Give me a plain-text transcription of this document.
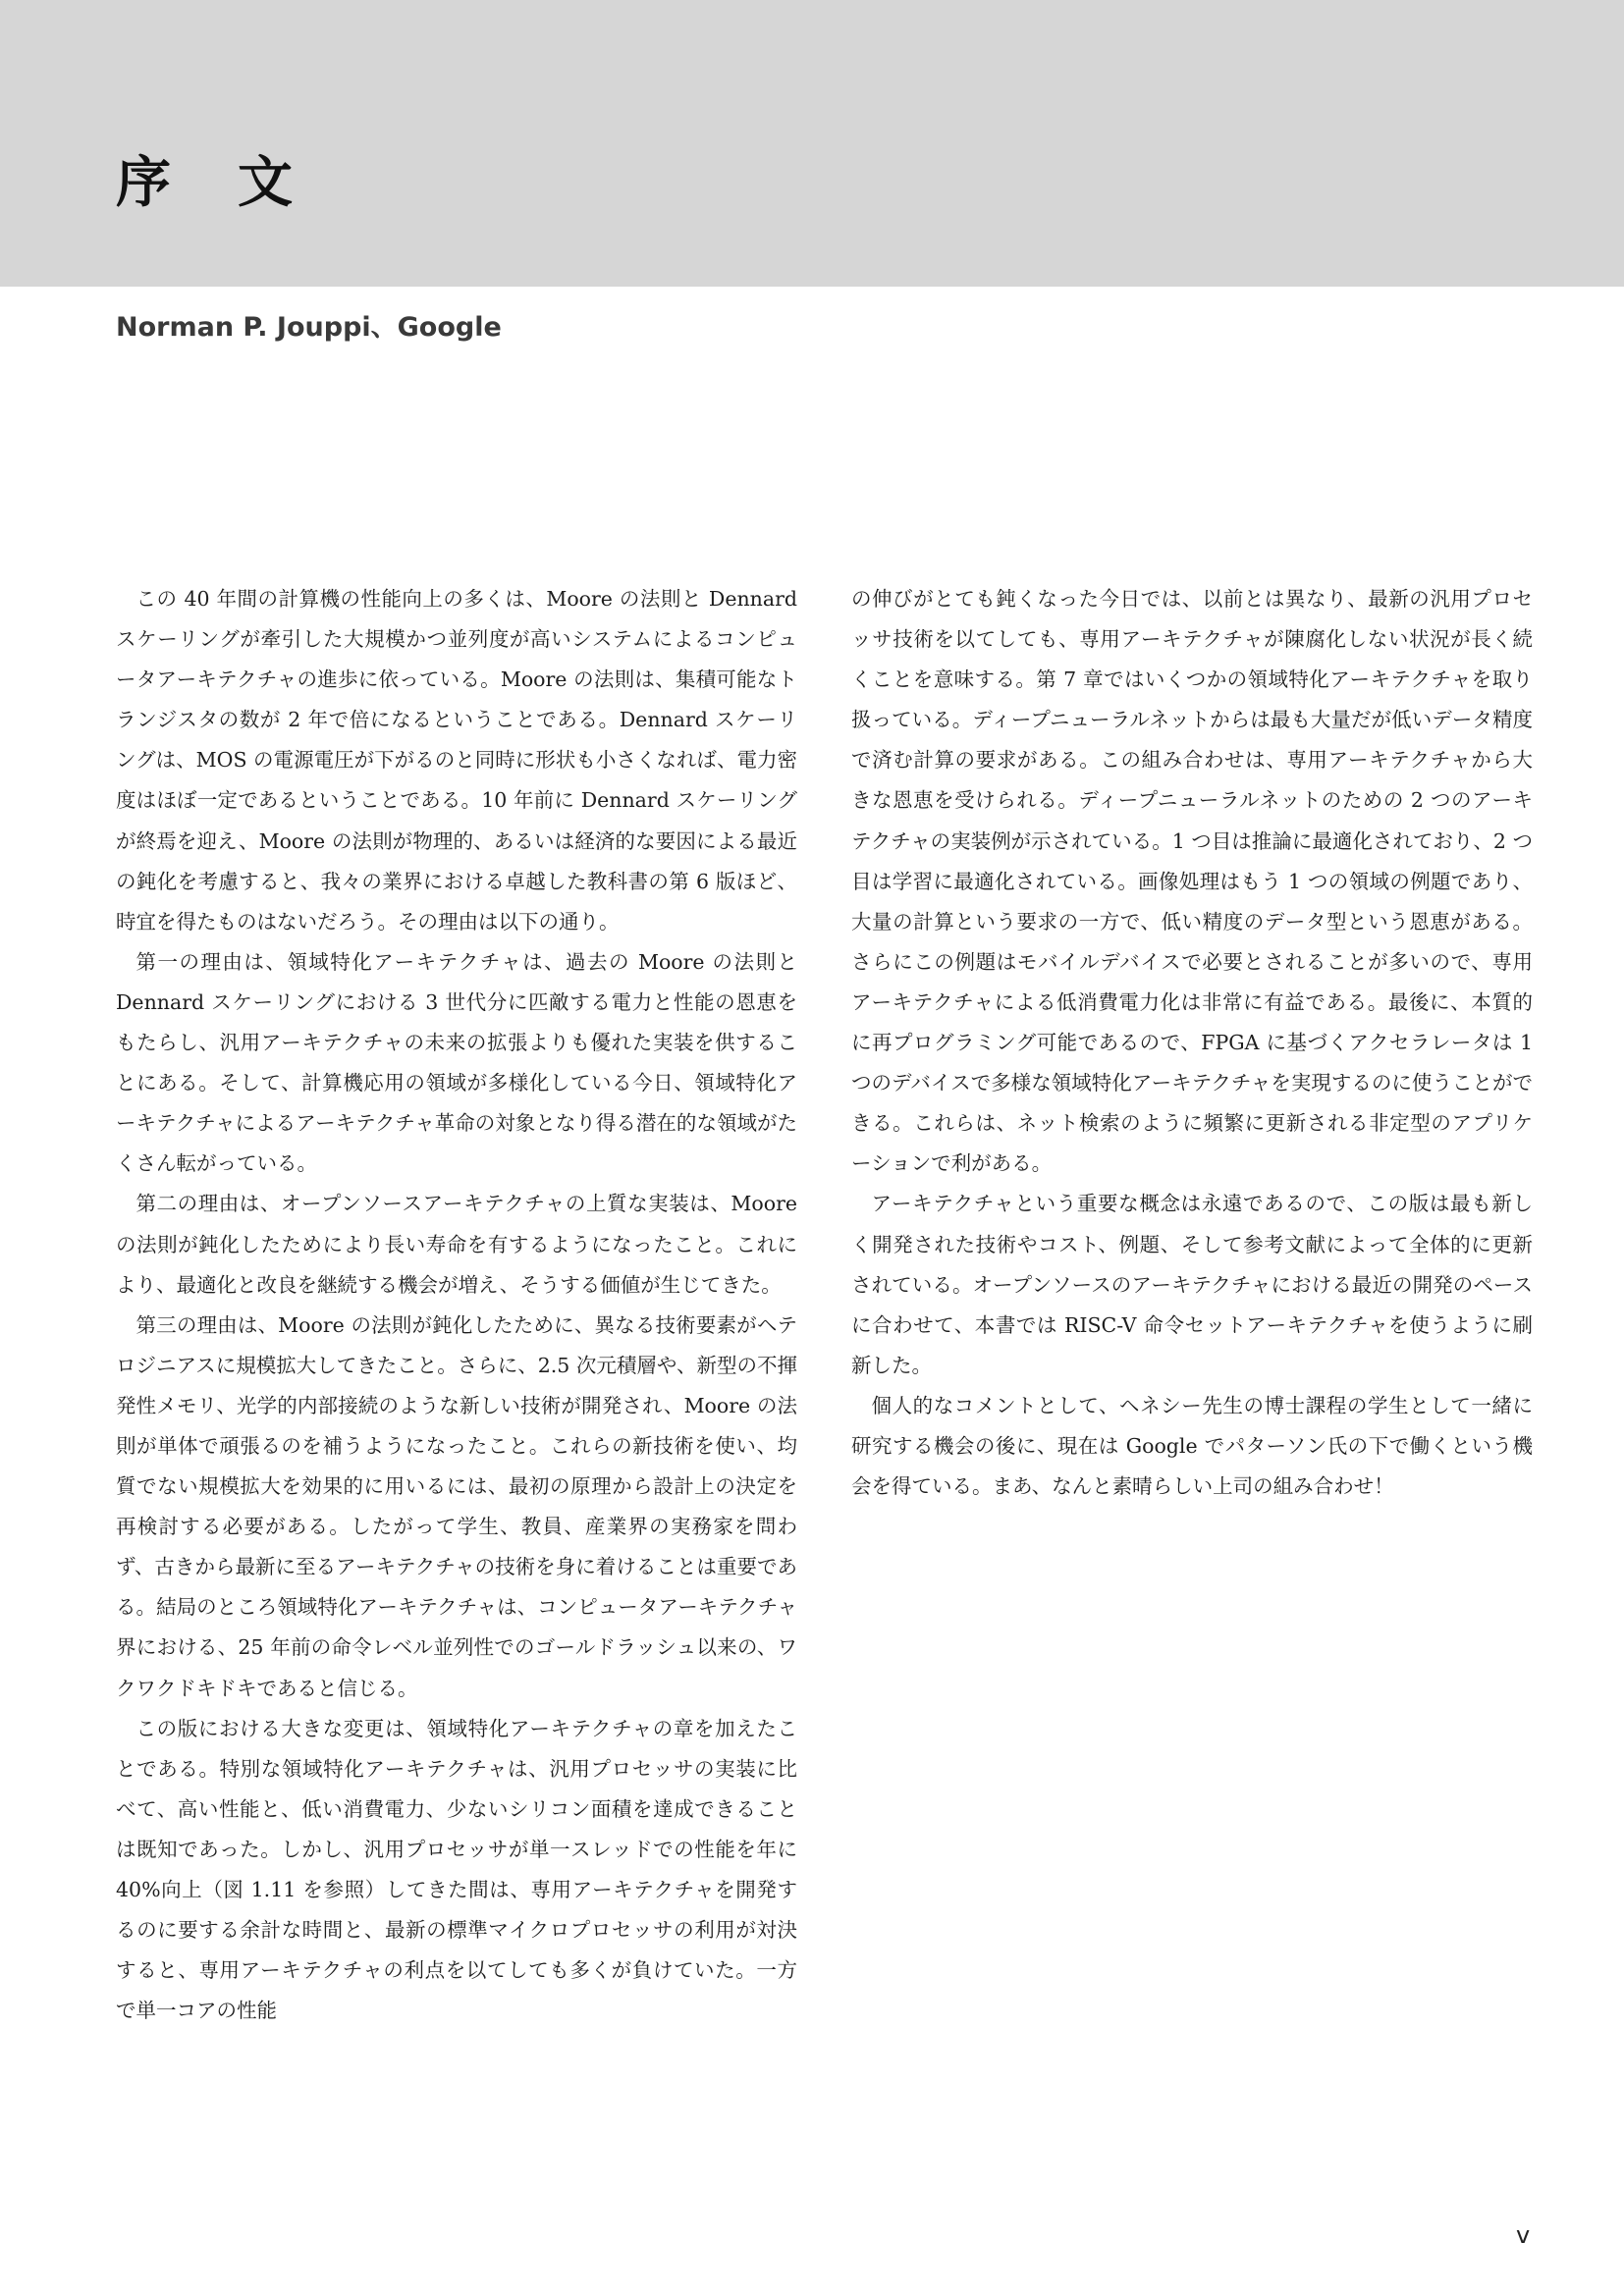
序文
Norman P. Jouppi、Google

この 40 年間の計算機の性能向上の多くは、Moore の法則と Dennard スケーリングが牽引した大規模かつ並列度が高いシステムによるコンピュータアーキテクチャの進歩に依っている。Moore の法則は、集積可能なトランジスタの数が 2 年で倍になるということである。Dennard スケーリングは、MOS の電源電圧が下がるのと同時に形状も小さくなれば、電力密度はほぼ一定であるということである。10 年前に Dennard スケーリングが終焉を迎え、Moore の法則が物理的、あるいは経済的な要因による最近の鈍化を考慮すると、我々の業界における卓越した教科書の第 6 版ほど、時宜を得たものはないだろう。その理由は以下の通り。

第一の理由は、領域特化アーキテクチャは、過去の Moore の法則と Dennard スケーリングにおける 3 世代分に匹敵する電力と性能の恩恵をもたらし、汎用アーキテクチャの未来の拡張よりも優れた実装を供することにある。そして、計算機応用の領域が多様化している今日、領域特化アーキテクチャによるアーキテクチャ革命の対象となり得る潜在的な領域がたくさん転がっている。

第二の理由は、オープンソースアーキテクチャの上質な実装は、Moore の法則が鈍化したためにより長い寿命を有するようになったこと。これにより、最適化と改良を継続する機会が増え、そうする価値が生じてきた。

第三の理由は、Moore の法則が鈍化したために、異なる技術要素がヘテロジニアスに規模拡大してきたこと。さらに、2.5 次元積層や、新型の不揮発性メモリ、光学的内部接続のような新しい技術が開発され、Moore の法則が単体で頑張るのを補うようになったこと。これらの新技術を使い、均質でない規模拡大を効果的に用いるには、最初の原理から設計上の決定を再検討する必要がある。したがって学生、教員、産業界の実務家を問わず、古きから最新に至るアーキテクチャの技術を身に着けることは重要である。結局のところ領域特化アーキテクチャは、コンピュータアーキテクチャ界における、25 年前の命令レベル並列性でのゴールドラッシュ以来の、ワクワクドキドキであると信じる。

この版における大きな変更は、領域特化アーキテクチャの章を加えたことである。特別な領域特化アーキテクチャは、汎用プロセッサの実装に比べて、高い性能と、低い消費電力、少ないシリコン面積を達成できることは既知であった。しかし、汎用プロセッサが単一スレッドでの性能を年に 40%向上（図 1.11 を参照）してきた間は、専用アーキテクチャを開発するのに要する余計な時間と、最新の標準マイクロプロセッサの利用が対決すると、専用アーキテクチャの利点を以てしても多くが負けていた。一方で単一コアの性能

の伸びがとても鈍くなった今日では、以前とは異なり、最新の汎用プロセッサ技術を以てしても、専用アーキテクチャが陳腐化しない状況が長く続くことを意味する。第 7 章ではいくつかの領域特化アーキテクチャを取り扱っている。ディープニューラルネットからは最も大量だが低いデータ精度で済む計算の要求がある。この組み合わせは、専用アーキテクチャから大きな恩恵を受けられる。ディープニューラルネットのための 2 つのアーキテクチャの実装例が示されている。1 つ目は推論に最適化されており、2 つ目は学習に最適化されている。画像処理はもう 1 つの領域の例題であり、大量の計算という要求の一方で、低い精度のデータ型という恩恵がある。さらにこの例題はモバイルデバイスで必要とされることが多いので、専用アーキテクチャによる低消費電力化は非常に有益である。最後に、本質的に再プログラミング可能であるので、FPGA に基づくアクセラレータは 1 つのデバイスで多様な領域特化アーキテクチャを実現するのに使うことができる。これらは、ネット検索のように頻繁に更新される非定型のアプリケーションで利がある。

アーキテクチャという重要な概念は永遠であるので、この版は最も新しく開発された技術やコスト、例題、そして参考文献によって全体的に更新されている。オープンソースのアーキテクチャにおける最近の開発のペースに合わせて、本書では RISC-V 命令セットアーキテクチャを使うように刷新した。

個人的なコメントとして、ヘネシー先生の博士課程の学生として一緒に研究する機会の後に、現在は Google でパターソン氏の下で働くという機会を得ている。まあ、なんと素晴らしい上司の組み合わせ！

v
